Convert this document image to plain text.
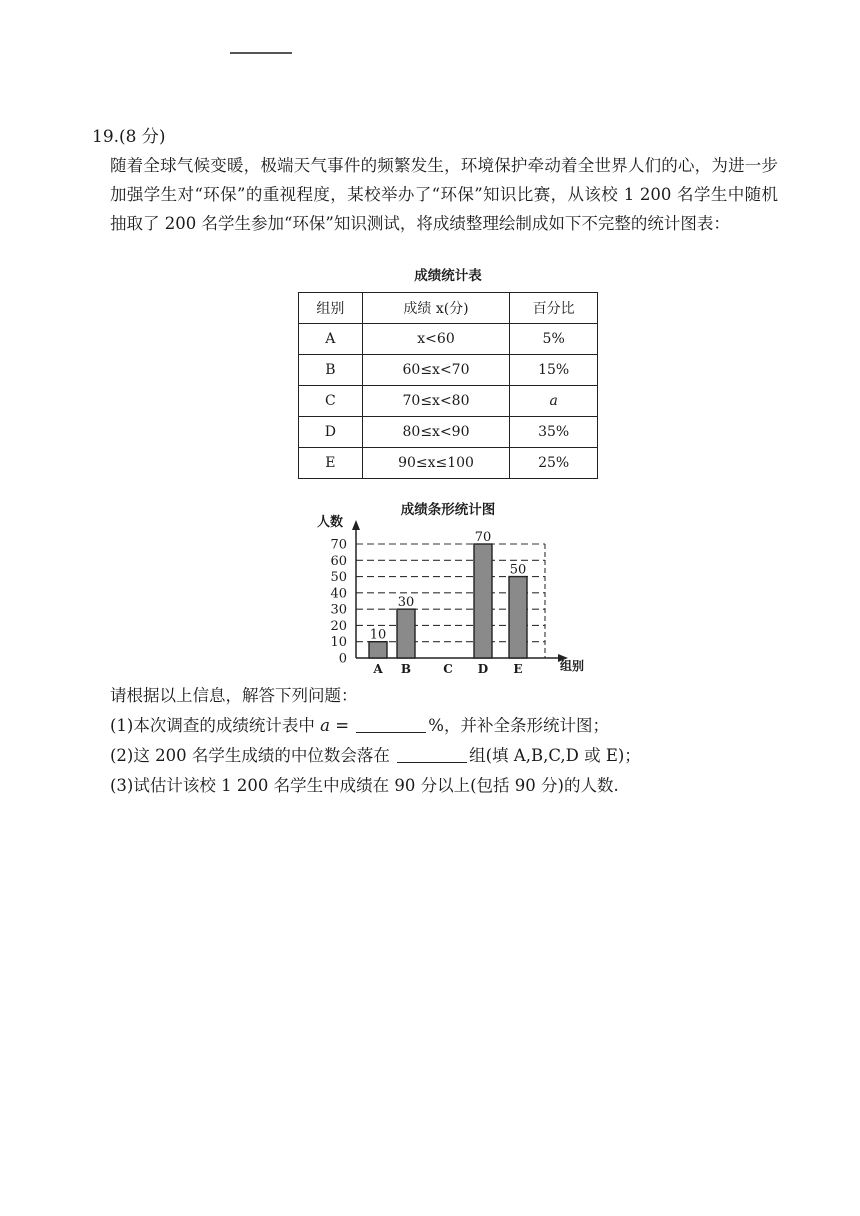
19.(8 分)

随着全球气候变暖，极端天气事件的频繁发生，环境保护牵动着全世界人们的心，为进一步加强学生对“环保”的重视程度，某校举办了“环保”知识比赛，从该校 1 200 名学生中随机抽取了 200 名学生参加“环保”知识测试，将成绩整理绘制成如下不完整的统计图表：

成绩统计表
组别	成绩 x(分)	百分比
A	x<60	5%
B	60≤x<70	15%
C	70≤x<80	a
D	80≤x<90	35%
E	90≤x≤100	25%
成绩条形统计图
0
10
20
30
40
50
60
70
人数
组别
10
A
30
B	C
70
D
50
E

请根据以上信息，解答下列问题：

(1)本次调查的成绩统计表中 a =	%，并补全条形统计图；

(2)这 200 名学生成绩的中位数会落在	组(填 A,B,C,D 或 E)；

(3)试估计该校 1 200 名学生中成绩在 90 分以上(包括 90 分)的人数.
